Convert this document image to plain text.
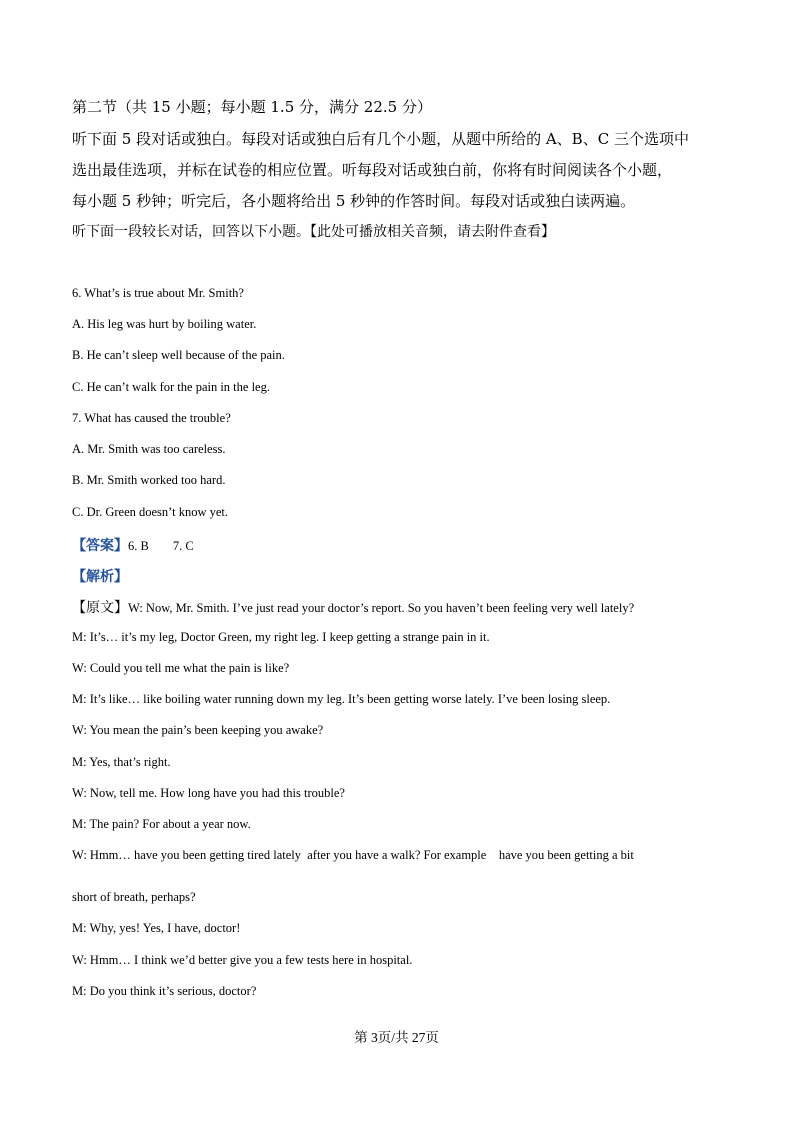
第二节（共 15 小题；每小题 1.5 分，满分 22.5 分）
听下面 5 段对话或独白。每段对话或独白后有几个小题，从题中所给的 A、B、C 三个选项中
选出最佳选项，并标在试卷的相应位置。听每段对话或独白前，你将有时间阅读各个小题，
每小题 5 秒钟；听完后，各小题将给出 5 秒钟的作答时间。每段对话或独白读两遍。
听下面一段较长对话，回答以下小题。【此处可播放相关音频，请去附件查看】
6. What’s is true about Mr. Smith?
A. His leg was hurt by boiling water.
B. He can’t sleep well because of the pain.
C. He can’t walk for the pain in the leg.
7. What has caused the trouble?
A. Mr. Smith was too careless.
B. Mr. Smith worked too hard.
C. Dr. Green doesn’t know yet.
【答案】6. B 7. C
【解析】
【原文】W: Now, Mr. Smith. I’ve just read your doctor’s report. So you haven’t been feeling very well lately?
M: It’s… it’s my leg, Doctor Green, my right leg. I keep getting a strange pain in it.
W: Could you tell me what the pain is like?
M: It’s like… like boiling water running down my leg. It’s been getting worse lately. I’ve been losing sleep.
W: You mean the pain’s been keeping you awake?
M: Yes, that’s right.
W: Now, tell me. How long have you had this trouble?
M: The pain? For about a year now.
W: Hmm… have you been getting tired lately  after you have a walk? For example    have you been getting a bit
short of breath, perhaps?
M: Why, yes! Yes, I have, doctor!
W: Hmm… I think we’d better give you a few tests here in hospital.
M: Do you think it’s serious, doctor?
第 3页/共 27页
